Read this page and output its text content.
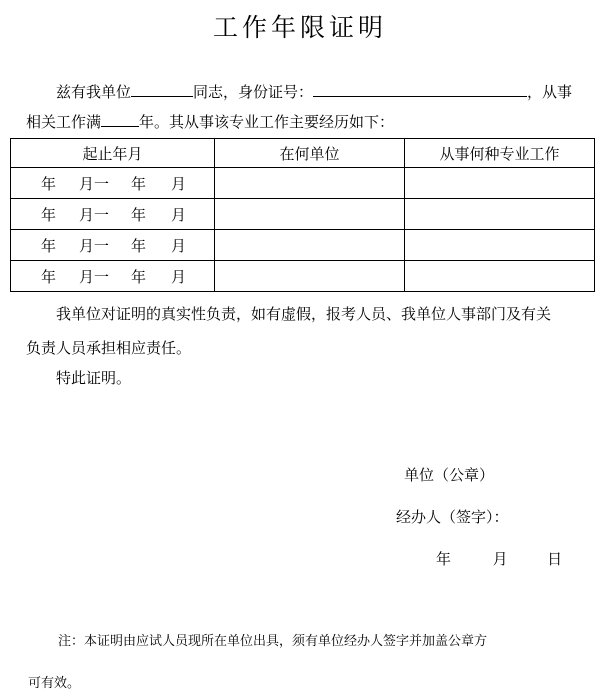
工作年限证明
兹有我单位	同志，身份证号：	，从事
相关工作满	年。其从事该专业工作主要经历如下：
起止年月	在何单位	从事何种专业工作

年 月一 年 月		

年 月一 年 月		

年 月一 年 月		

年 月一 年 月		

我单位对证明的真实性负责，如有虚假，报考人员、我单位人事部门及有关
负责人员承担相应责任。
特此证明。
单位（公章）
经办人（签字）：
年	月	日
注：本证明由应试人员现所在单位出具，须有单位经办人签字并加盖公章方
可有效。
